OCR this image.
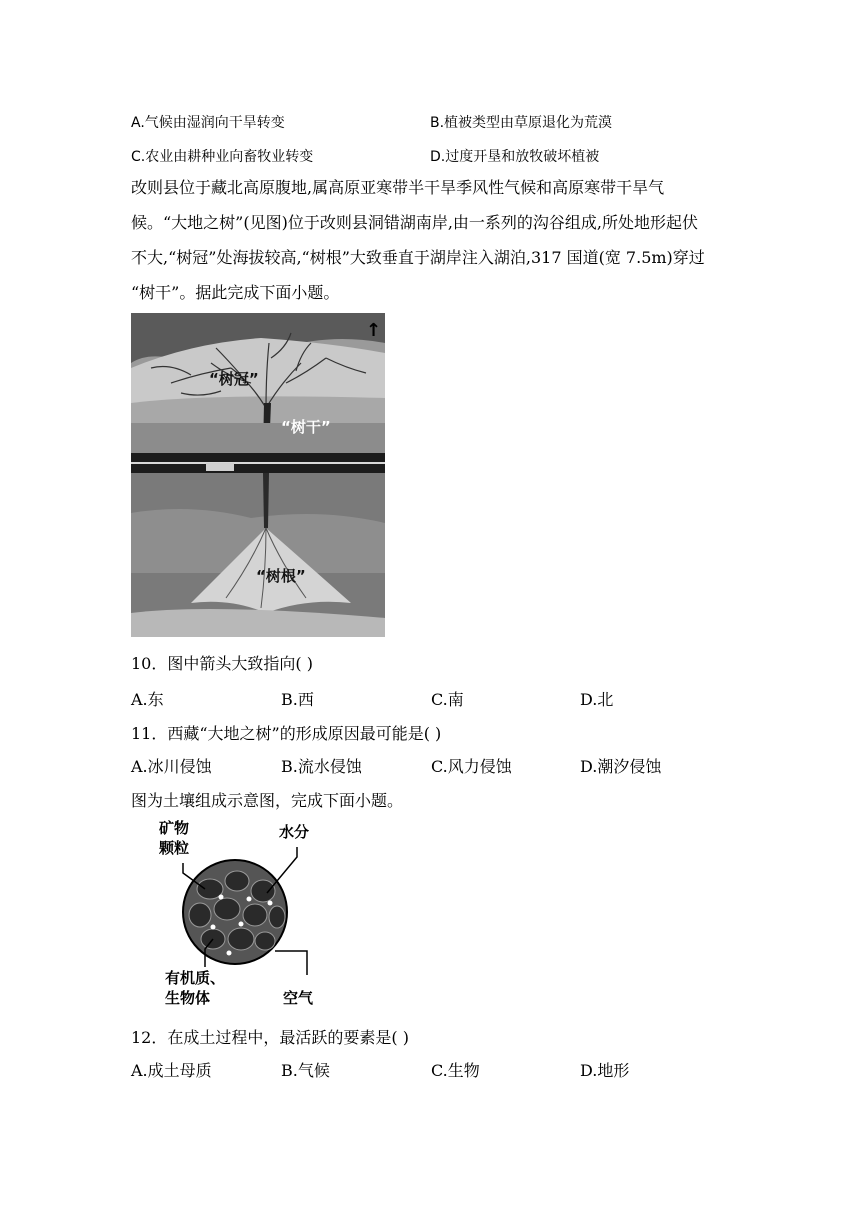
A.气候由湿润向干旱转变	B.植被类型由草原退化为荒漠
C.农业由耕种业向畜牧业转变	D.过度开垦和放牧破坏植被
改则县位于藏北高原腹地,属高原亚寒带半干旱季风性气候和高原寒带干旱气
候。“大地之树”(见图)位于改则县洞错湖南岸,由一系列的沟谷组成,所处地形起伏
不大,“树冠”处海拔较高,“树根”大致垂直于湖岸注入湖泊,317 国道(宽 7.5m)穿过
“树干”。据此完成下面小题。
“树冠”
“树干”
“树根”
↑
10．图中箭头大致指向( )
A.东	B.西	C.南	D.北
11．西藏“大地之树”的形成原因最可能是( )
A.冰川侵蚀	B.流水侵蚀	C.风力侵蚀	D.潮汐侵蚀
图为土壤组成示意图，完成下面小题。
矿物
颗粒
水分
有机质、
生物体	空气
12．在成土过程中，最活跃的要素是( )
A.成土母质	B.气候	C.生物	D.地形
